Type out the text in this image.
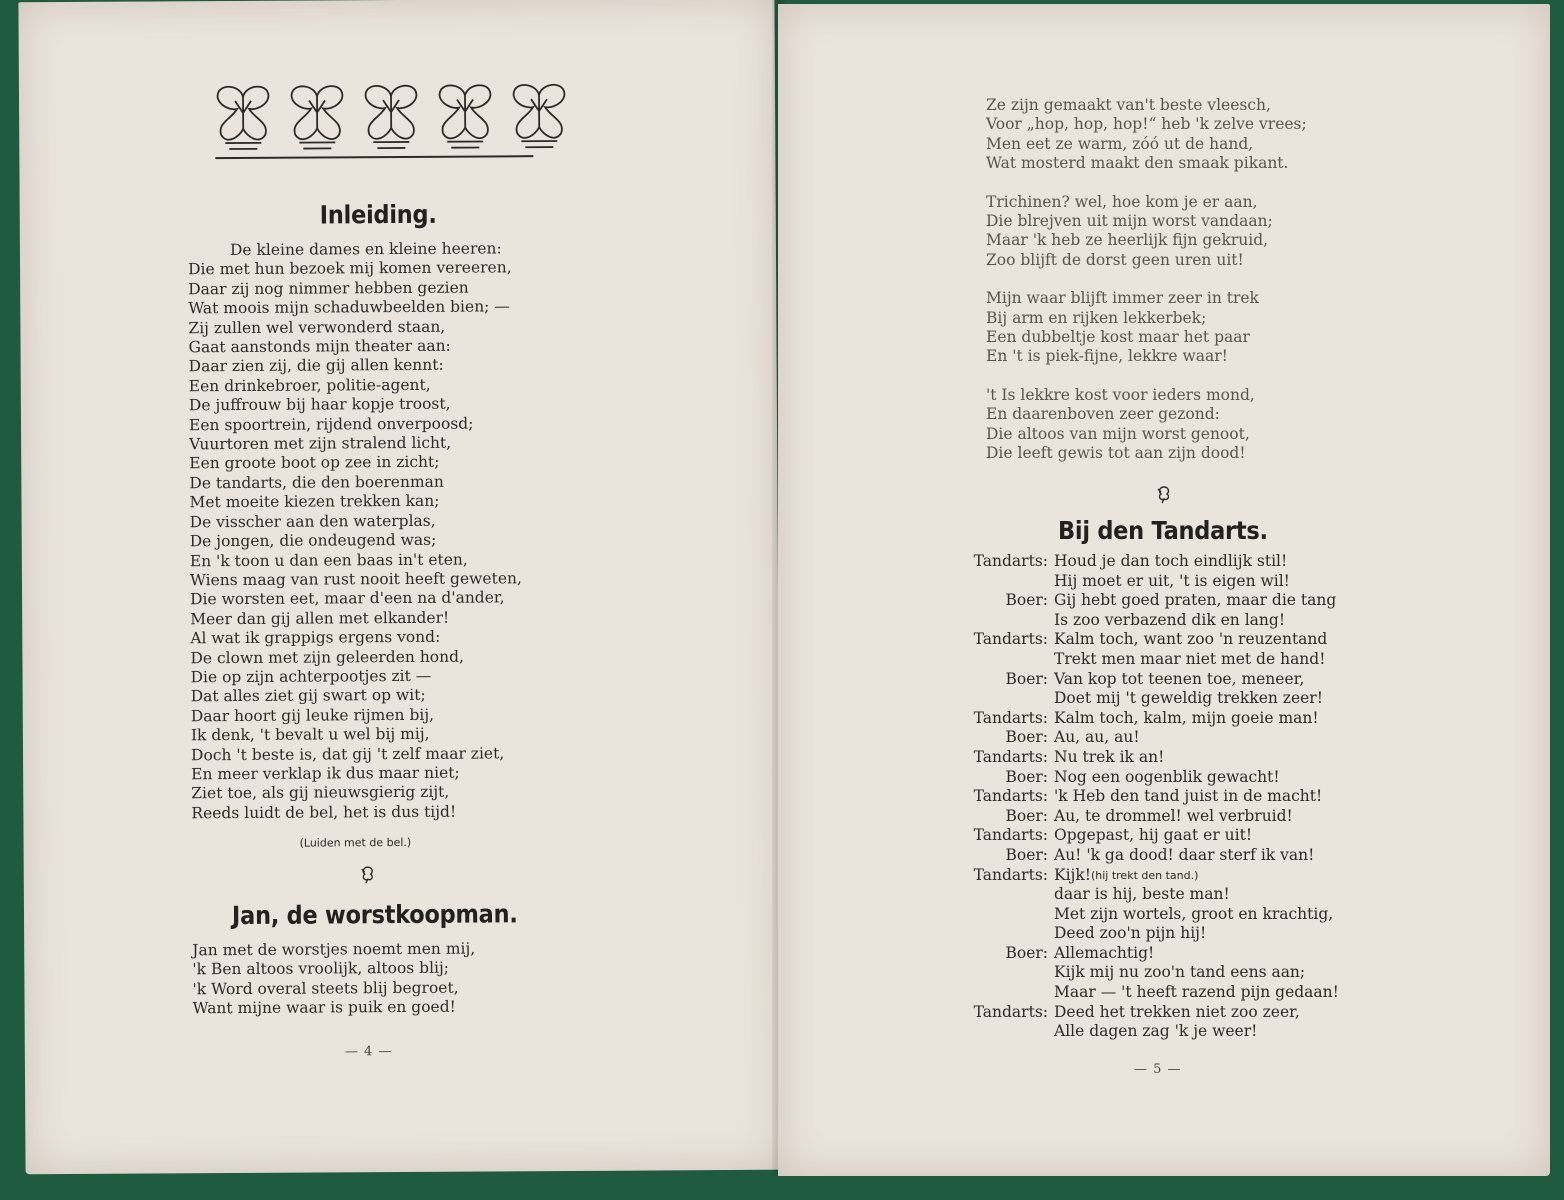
Inleiding.
De kleine dames en kleine heeren:
Die met hun bezoek mij komen vereeren,
Daar zij nog nimmer hebben gezien
Wat moois mijn schaduwbeelden bien; —
Zij zullen wel verwonderd staan,
Gaat aanstonds mijn theater aan:
Daar zien zij, die gij allen kennt:
Een drinkebroer, politie-agent,
De juffrouw bij haar kopje troost,
Een spoortrein, rijdend onverpoosd;
Vuurtoren met zijn stralend licht,
Een groote boot op zee in zicht;
De tandarts, die den boerenman
Met moeite kiezen trekken kan;
De visscher aan den waterplas,
De jongen, die ondeugend was;
En 'k toon u dan een baas in't eten,
Wiens maag van rust nooit heeft geweten,
Die worsten eet, maar d'een na d'ander,
Meer dan gij allen met elkander!
Al wat ik grappigs ergens vond:
De clown met zijn geleerden hond,
Die op zijn achterpootjes zit —
Dat alles ziet gij swart op wit;
Daar hoort gij leuke rijmen bij,
Ik denk, 't bevalt u wel bij mij,
Doch 't beste is, dat gij 't zelf maar ziet,
En meer verklap ik dus maar niet;
Ziet toe, als gij nieuwsgierig zijt,
Reeds luidt de bel, het is dus tijd!
(Luiden met de bel.)
Jan, de worstkoopman.
Jan met de worstjes noemt men mij,
'k Ben altoos vroolijk, altoos blij;
'k Word overal steets blij begroet,
Want mijne waar is puik en goed!
— 4 —
Ze zijn gemaakt van't beste vleesch,
Voor „hop, hop, hop!“ heb 'k zelve vrees;
Men eet ze warm, zóó ut de hand,
Wat mosterd maakt den smaak pikant.
Trichinen? wel, hoe kom je er aan,
Die blrejven uit mijn worst vandaan;
Maar 'k heb ze heerlijk fijn gekruid,
Zoo blijft de dorst geen uren uit!
Mijn waar blijft immer zeer in trek
Bij arm en rijken lekkerbek;
Een dubbeltje kost maar het paar
En 't is piek-fijne, lekkre waar!
't Is lekkre kost voor ieders mond,
En daarenboven zeer gezond:
Die altoos van mijn worst genoot,
Die leeft gewis tot aan zijn dood!
Bij den Tandarts.
Tandarts: Houd je dan toch eindlijk stil!
Hij moet er uit, 't is eigen wil!
Boer: Gij hebt goed praten, maar die tang
Is zoo verbazend dik en lang!
Tandarts: Kalm toch, want zoo 'n reuzentand
Trekt men maar niet met de hand!
Boer: Van kop tot teenen toe, meneer,
Doet mij 't geweldig trekken zeer!
Tandarts: Kalm toch, kalm, mijn goeie man!
Boer: Au, au, au!
Tandarts: Nu trek ik an!
Boer: Nog een oogenblik gewacht!
Tandarts: 'k Heb den tand juist in de macht!
Boer: Au, te drommel! wel verbruid!
Tandarts: Opgepast, hij gaat er uit!
Boer: Au! 'k ga dood! daar sterf ik van!
Tandarts: Kijk! (hij trekt den tand.)
daar is hij, beste man!
Met zijn wortels, groot en krachtig,
Deed zoo'n pijn hij!
Boer: Allemachtig!
Kijk mij nu zoo'n tand eens aan;
Maar — 't heeft razend pijn gedaan!
Tandarts: Deed het trekken niet zoo zeer,
Alle dagen zag 'k je weer!
— 5 —
